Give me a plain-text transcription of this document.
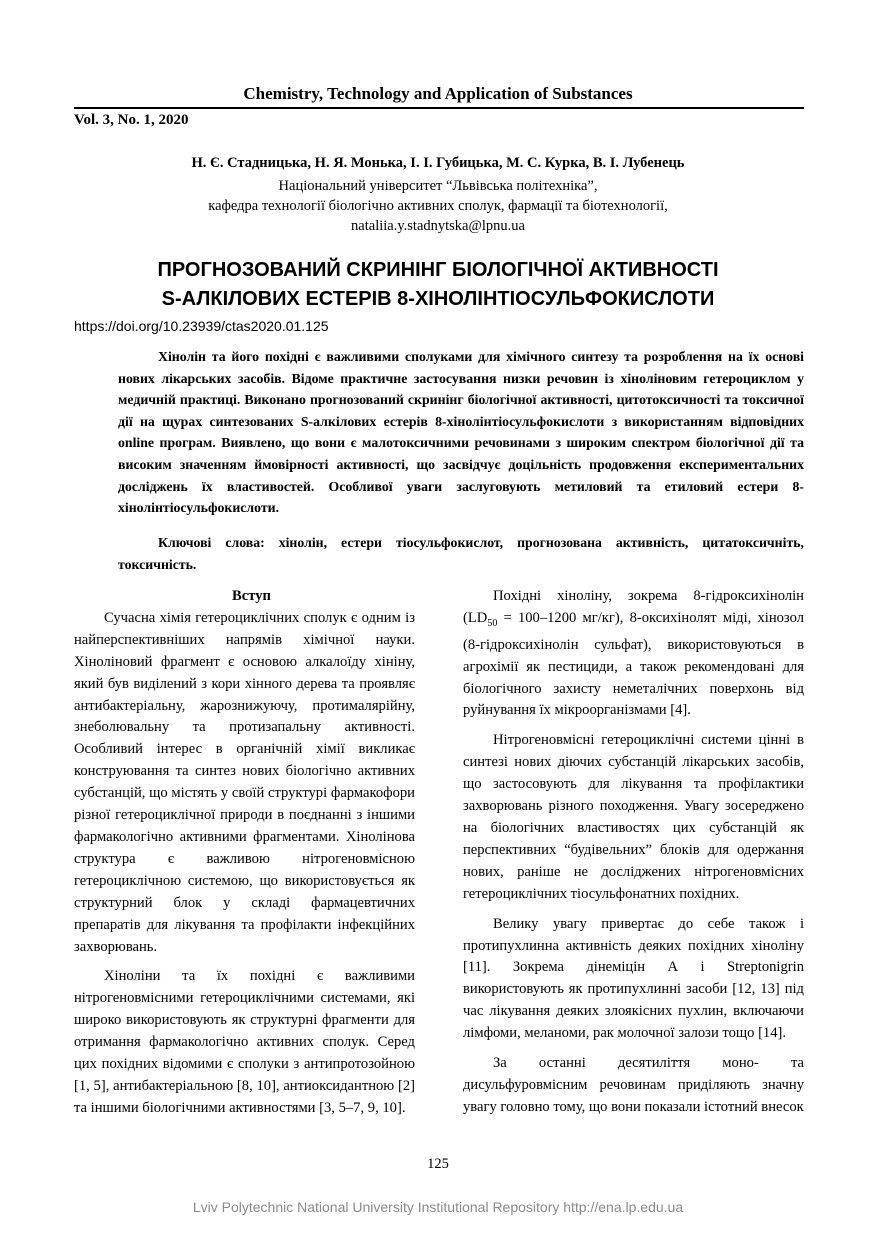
Chemistry, Technology and Application of Substances
Vol. 3, No. 1, 2020
Н. Є. Стадницька, Н. Я. Монька, І. І. Губицька, М. С. Курка, В. І. Лубенець
Національний університет “Львівська політехніка”,
кафедра технології біологічно активних сполук, фармації та біотехнології,
nataliia.y.stadnytska@lpnu.ua
ПРОГНОЗОВАНИЙ СКРИНІНГ БІОЛОГІЧНОЇ АКТИВНОСТІ
S-АЛКІЛОВИХ ЕСТЕРІВ 8-ХІНОЛІНТІОСУЛЬФОКИСЛОТИ
https://doi.org/10.23939/ctas2020.01.125
Хінолін та його похідні є важливими сполуками для хімічного синтезу та розроблення на їх основі нових лікарських засобів. Відоме практичне застосування низки речовин із хіноліновим гетероциклом у медичній практиці. Виконано прогнозований скринінг біологічної активності, цитотоксичності та токсичної дії на щурах синтезованих S-алкілових естерів 8-хінолінтіосульфокислоти з використанням відповідних online програм. Виявлено, що вони є малотоксичними речовинами з широким спектром біологічної дії та високим значенням ймовірності активності, що засвідчує доцільність продовження експериментальних досліджень їх властивостей. Особливої уваги заслуговують метиловий та етиловий естери 8-хінолінтіосульфокислоти.
Ключові слова: хінолін, естери тіосульфокислот, прогнозована активність, цитатоксичніть, токсичність.
Вступ

Сучасна хімія гетероциклічних сполук є одним із найперспективніших напрямів хімічної науки. Хіноліновий фрагмент є основою алкалоїду хініну, який був виділений з кори хінного дерева та проявляє антибактеріальну, жарознижуючу, протималярійну, знеболювальну та протизапальну активності. Особливий інтерес в органічній хімії викликає конструювання та синтез нових біологічно активних субстанцій, що містять у своїй структурі фармакофори різної гетероциклічної природи в поєднанні з іншими фармакологічно активними фрагментами. Хінолінова структура є важливою нітрогеновмісною гетероциклічною системою, що використовується як структурний блок у складі фармацевтичних препаратів для лікування та профілакти інфекційних захворювань.

Хіноліни та їх похідні є важливими нітрогеновмісними гетероциклічними системами, які широко використовують як структурні фрагменти для отримання фармакологічно активних сполук. Серед цих похідних відомими є сполуки з антипротозойною [1, 5], антибактеріальною [8, 10], антиоксидантною [2] та іншими біологічними активностями [3, 5–7, 9, 10].

Похідні хіноліну, зокрема 8-гідроксихінолін ($LD_{50} = 100-1200$ мг/кг), 8-оксихінолят міді, хінозол (8-гідроксихінолін сульфат), використовуються в агрохімії як пестициди, а також рекомендовані для біологічного захисту неметалічних поверхонь від руйнування їх мікроорганізмами [4].

Нітрогеновмісні гетероциклічні системи цінні в синтезі нових діючих субстанцій лікарських засобів, що застосовують для лікування та профілактики захворювань різного походження. Увагу зосереджено на біологічних властивостях цих субстанцій як перспективних “будівельних” блоків для одержання нових, раніше не досліджених нітрогеновмісних гетероциклічних тіосульфонатних похідних.

Велику увагу привертає до себе також і протипухлинна активність деяких похідних хіноліну [11]. Зокрема дінеміцін А і Streptonigrin використовують як протипухлинні засоби [12, 13] під час лікування деяких злоякісних пухлин, включаючи лімфоми, меланоми, рак молочної залози тощо [14].

За останні десятиліття моно- та дисульфуровмісним речовинам приділяють значну увагу головно тому, що вони показали істотний внесок

125
Lviv Polytechnic National University Institutional Repository http://ena.lp.edu.ua
